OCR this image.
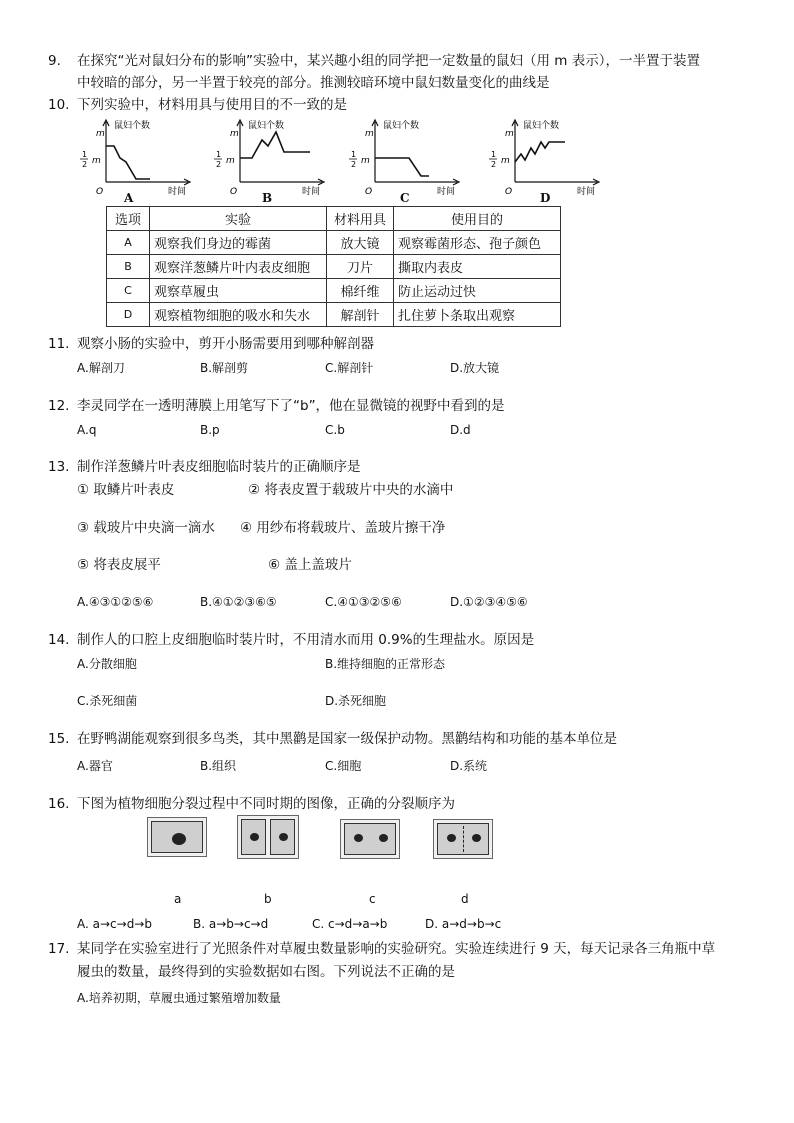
9. 在探究“光对鼠妇分布的影响”实验中，某兴趣小组的同学把一定数量的鼠妇（用 m 表示），一半置于装置
中较暗的部分，另一半置于较亮的部分。推测较暗环境中鼠妇数量变化的曲线是
10. 下列实验中，材料用具与使用目的不一致的是
鼠妇个数
时间
O
m
1
2 m
A
鼠妇个数
时间
O
m
1
2 m
B
鼠妇个数
时间
O
m
1
2 m
C
鼠妇个数
时间
O
m
1
2 m
D
选项	实验	材料用具	使用目的
A	观察我们身边的霉菌	放大镜	观察霉菌形态、孢子颜色
B	观察洋葱鳞片叶内表皮细胞	刀片	撕取内表皮
C	观察草履虫	棉纤维	防止运动过快
D	观察植物细胞的吸水和失水	解剖针	扎住萝卜条取出观察
11. 观察小肠的实验中，剪开小肠需要用到哪种解剖器
A.解剖刀	B.解剖剪	C.解剖针	D.放大镜
12. 李灵同学在一透明薄膜上用笔写下了“b”，他在显微镜的视野中看到的是
A.q	B.p	C.b	D.d
13. 制作洋葱鳞片叶表皮细胞临时装片的正确顺序是
① 取鳞片叶表皮	② 将表皮置于载玻片中央的水滴中
③ 载玻片中央滴一滴水 ④ 用纱布将载玻片、盖玻片擦干净
⑤ 将表皮展平	⑥ 盖上盖玻片
A.④③①②⑤⑥	B.④①②③⑥⑤	C.④①③②⑤⑥	D.①②③④⑤⑥
14. 制作人的口腔上皮细胞临时装片时，不用清水而用 0.9%的生理盐水。原因是
A.分散细胞	B.维持细胞的正常形态
C.杀死细菌	D.杀死细胞
15. 在野鸭湖能观察到很多鸟类，其中黑鹳是国家一级保护动物。黑鹳结构和功能的基本单位是
A.器官	B.组织	C.细胞	D.系统
16. 下图为植物细胞分裂过程中不同时期的图像，正确的分裂顺序为
a	b	c	d
A. a→c→d→b	B. a→b→c→d	C. c→d→a→b	D. a→d→b→c
17. 某同学在实验室进行了光照条件对草履虫数量影响的实验研究。实验连续进行 9 天，每天记录各三角瓶中草
履虫的数量，最终得到的实验数据如右图。下列说法不正确的是
A.培养初期，草履虫通过繁殖增加数量
